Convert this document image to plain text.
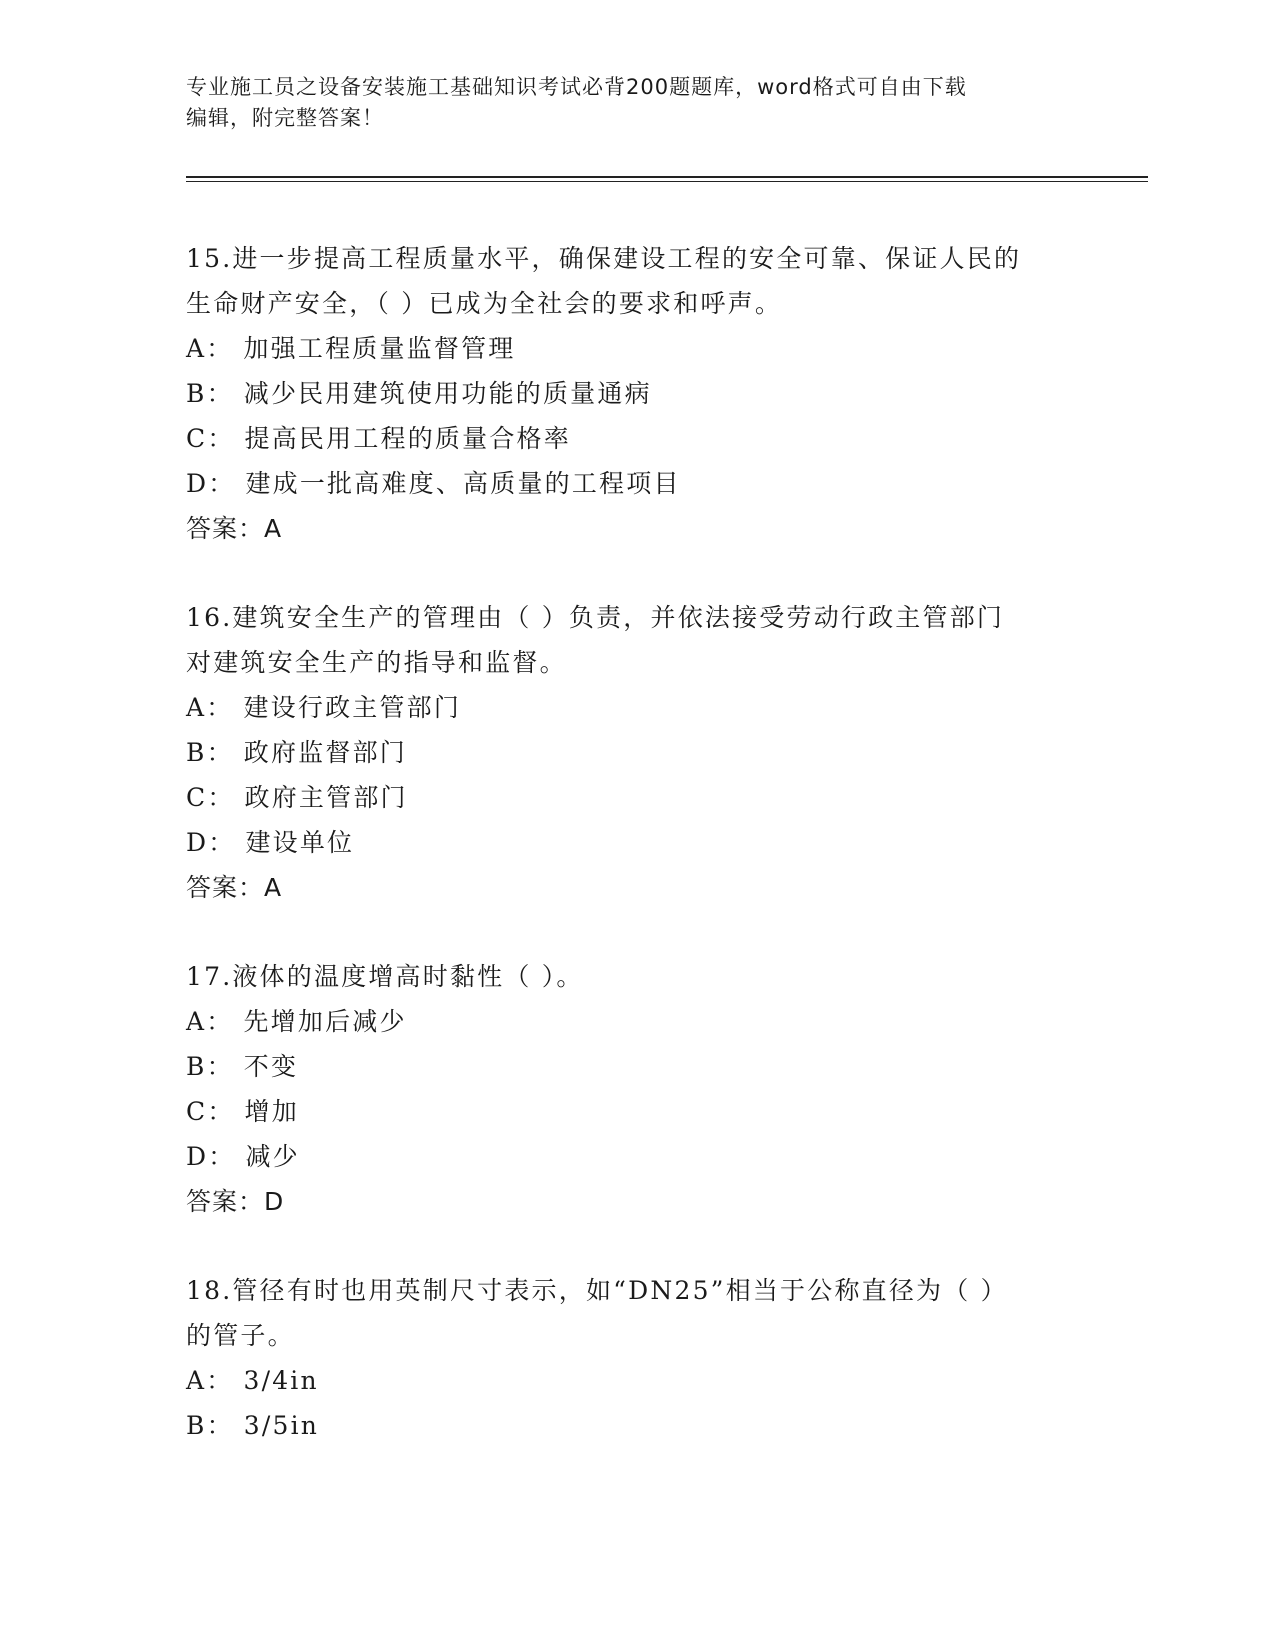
专业施工员之设备安装施工基础知识考试必背200题题库，word格式可自由下载
编辑，附完整答案！
15.进一步提高工程质量水平，确保建设工程的安全可靠、保证人民的
生命财产安全，（ ）已成为全社会的要求和呼声。
A： 加强工程质量监督管理
B： 减少民用建筑使用功能的质量通病
C： 提高民用工程的质量合格率
D： 建成一批高难度、高质量的工程项目
答案：A
16.建筑安全生产的管理由（ ）负责，并依法接受劳动行政主管部门
对建筑安全生产的指导和监督。
A： 建设行政主管部门
B： 政府监督部门
C： 政府主管部门
D： 建设单位
答案：A
17.液体的温度增高时黏性（ ）。
A： 先增加后减少
B： 不变
C： 增加
D： 减少
答案：D
18.管径有时也用英制尺寸表示，如“DN25”相当于公称直径为（ ）
的管子。
A： 3/4in
B： 3/5in
